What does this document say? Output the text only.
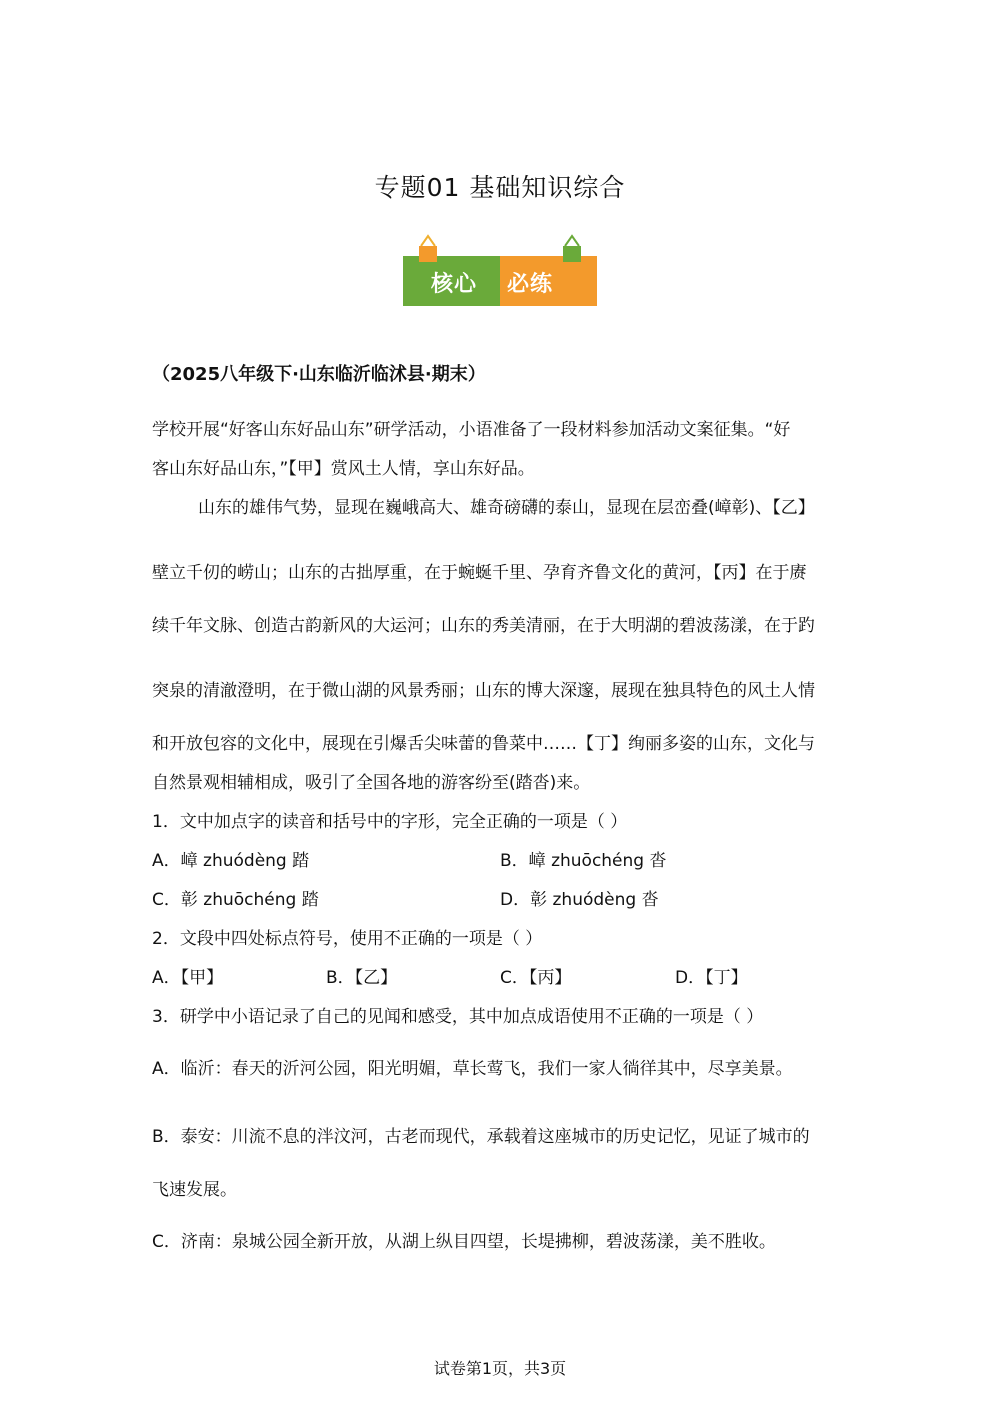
专题01 基础知识综合
核心 必练
（2025八年级下·山东临沂临沭县·期末）
学校开展“好客山东好品山东”研学活动，小语准备了一段材料参加活动文案征集。“好
客山东好品山东，”【甲】赏风土人情，享山东好品。
山东的雄伟气势，显现在巍峨高大、雄奇磅礴的泰山，显现在层峦叠(嶂彰)、【乙】
壁立千仞的崂山；山东的古拙厚重，在于蜿蜒千里、孕育齐鲁文化的黄河，【丙】在于赓
续千年文脉、创造古韵新风的大运河；山东的秀美清丽，在于大明湖的碧波荡漾，在于趵
突泉的清澈澄明，在于微山湖的风景秀丽；山东的博大深邃，展现在独具特色的风土人情
和开放包容的文化中，展现在引爆舌尖味蕾的鲁菜中……【丁】绚丽多姿的山东，文化与
自然景观相辅相成，吸引了全国各地的游客纷至(踏沓)来。
1．文中加点字的读音和括号中的字形，完全正确的一项是（ ）
A．嶂 zhuódèng 踏	B．嶂 zhuōchéng 沓
C．彰 zhuōchéng 踏	D．彰 zhuódèng 沓
2．文段中四处标点符号，使用不正确的一项是（ ）
A．【甲】	B．【乙】	C．【丙】	D．【丁】
3．研学中小语记录了自己的见闻和感受，其中加点成语使用不正确的一项是（ ）
A．临沂：春天的沂河公园，阳光明媚，草长莺飞，我们一家人徜徉其中，尽享美景。
B．泰安：川流不息的泮汶河，古老而现代，承载着这座城市的历史记忆，见证了城市的
飞速发展。
C．济南：泉城公园全新开放，从湖上纵目四望，长堤拂柳，碧波荡漾，美不胜收。
试卷第1页，共3页
